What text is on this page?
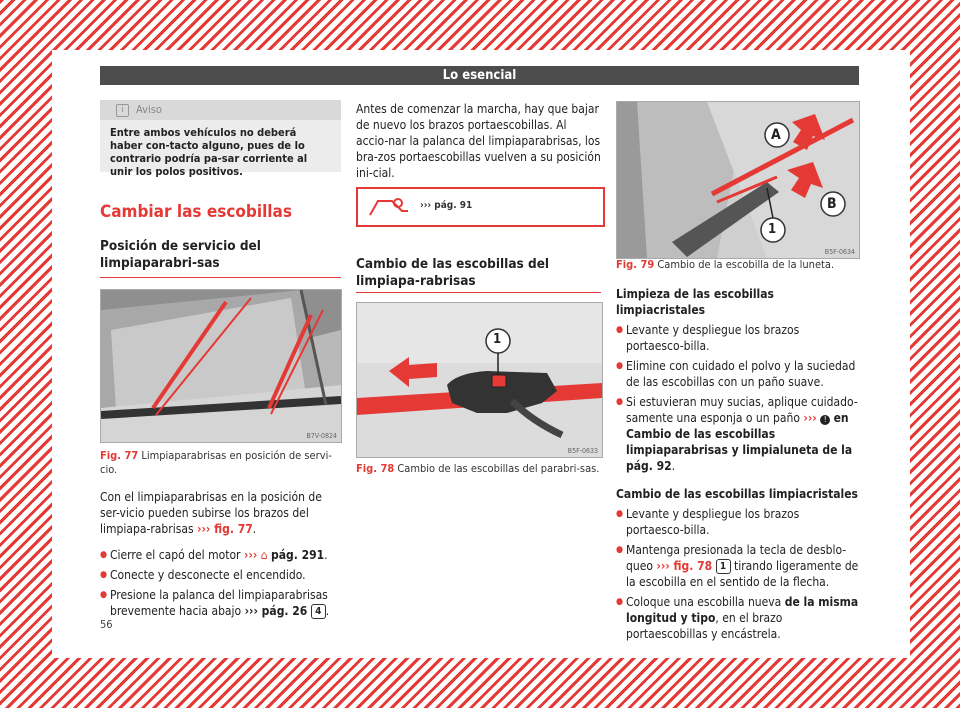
Lo esencial
i	Aviso
Entre ambos vehículos no deberá haber con-tacto alguno, pues de lo contrario podría pa-sar corriente al unir los polos positivos.
Cambiar las escobillas
Posición de servicio del limpiaparabri-sas
B7V-0824
Fig. 77 Limpiaparabrisas en posición de servi-cio.

Con el limpiaparabrisas en la posición de ser-vicio pueden subirse los brazos del limpiapa-rabrisas ››› fig. 77.

● Cierre el capó del motor ››› ⌂ pág. 291.
● Conecte y desconecte el encendido.
● Presione la palanca del limpiaparabrisas brevemente hacia abajo ››› pág. 26 4 .
Antes de comenzar la marcha, hay que bajar de nuevo los brazos portaescobillas. Al accio-nar la palanca del limpiaparabrisas, los bra-zos portaescobillas vuelven a su posición ini-cial.
››› pág. 91
Cambio de las escobillas del limpiapa-rabrisas
1
B5F-0633
Fig. 78 Cambio de las escobillas del parabri-sas.
A
B
1
B5F-0634
Fig. 79 Cambio de la escobilla de la luneta.

Limpieza de las escobillas limpiacristales

● Levante y despliegue los brazos portaesco-billa.
● Elimine con cuidado el polvo y la suciedad de las escobillas con un paño suave.
● Si estuvieran muy sucias, aplique cuidado-samente una esponja o un paño ››› ! en Cambio de las escobillas limpiaparabrisas y limpialuneta de la pág. 92.

Cambio de las escobillas limpiacristales

● Levante y despliegue los brazos portaesco-billa.
● Mantenga presionada la tecla de desblo-queo ››› fig. 78 1 tirando ligeramente de la escobilla en el sentido de la flecha.
● Coloque una escobilla nueva de la misma longitud y tipo, en el brazo portaescobillas y encástrela.
56
